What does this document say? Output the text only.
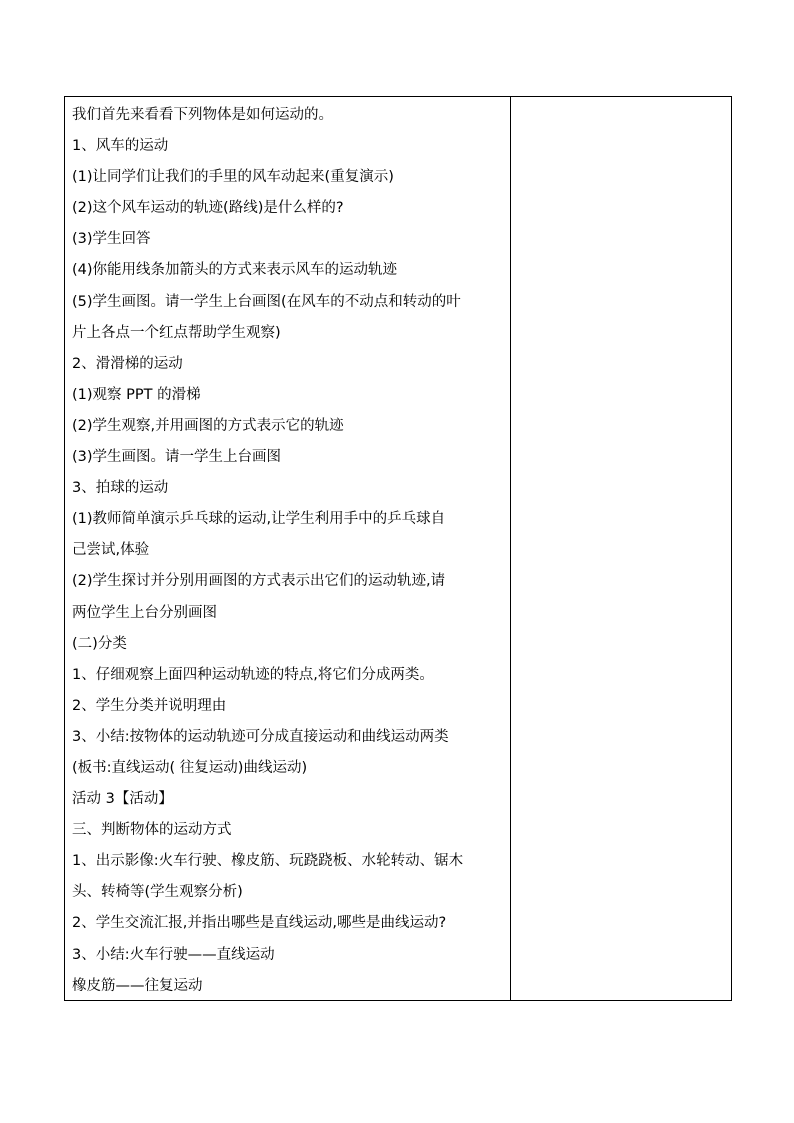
我们首先来看看下列物体是如何运动的。
1、风车的运动
(1)让同学们让我们的手里的风车动起来(重复演示)
(2)这个风车运动的轨迹(路线)是什么样的?
(3)学生回答
(4)你能用线条加箭头的方式来表示风车的运动轨迹
(5)学生画图。请一学生上台画图(在风车的不动点和转动的叶
片上各点一个红点帮助学生观察)
2、滑滑梯的运动
(1)观察 PPT 的滑梯
(2)学生观察,并用画图的方式表示它的轨迹
(3)学生画图。请一学生上台画图
3、拍球的运动
(1)教师简单演示乒乓球的运动,让学生利用手中的乒乓球自
己尝试,体验
(2)学生探讨并分别用画图的方式表示出它们的运动轨迹,请
两位学生上台分别画图
(二)分类
1、仔细观察上面四种运动轨迹的特点,将它们分成两类。
2、学生分类并说明理由
3、小结:按物体的运动轨迹可分成直接运动和曲线运动两类
(板书:直线运动( 往复运动)曲线运动)
活动 3【活动】
三、判断物体的运动方式
1、出示影像:火车行驶、橡皮筋、玩跷跷板、水轮转动、锯木
头、转椅等(学生观察分析)
2、学生交流汇报,并指出哪些是直线运动,哪些是曲线运动?
3、小结:火车行驶——直线运动
橡皮筋——往复运动
